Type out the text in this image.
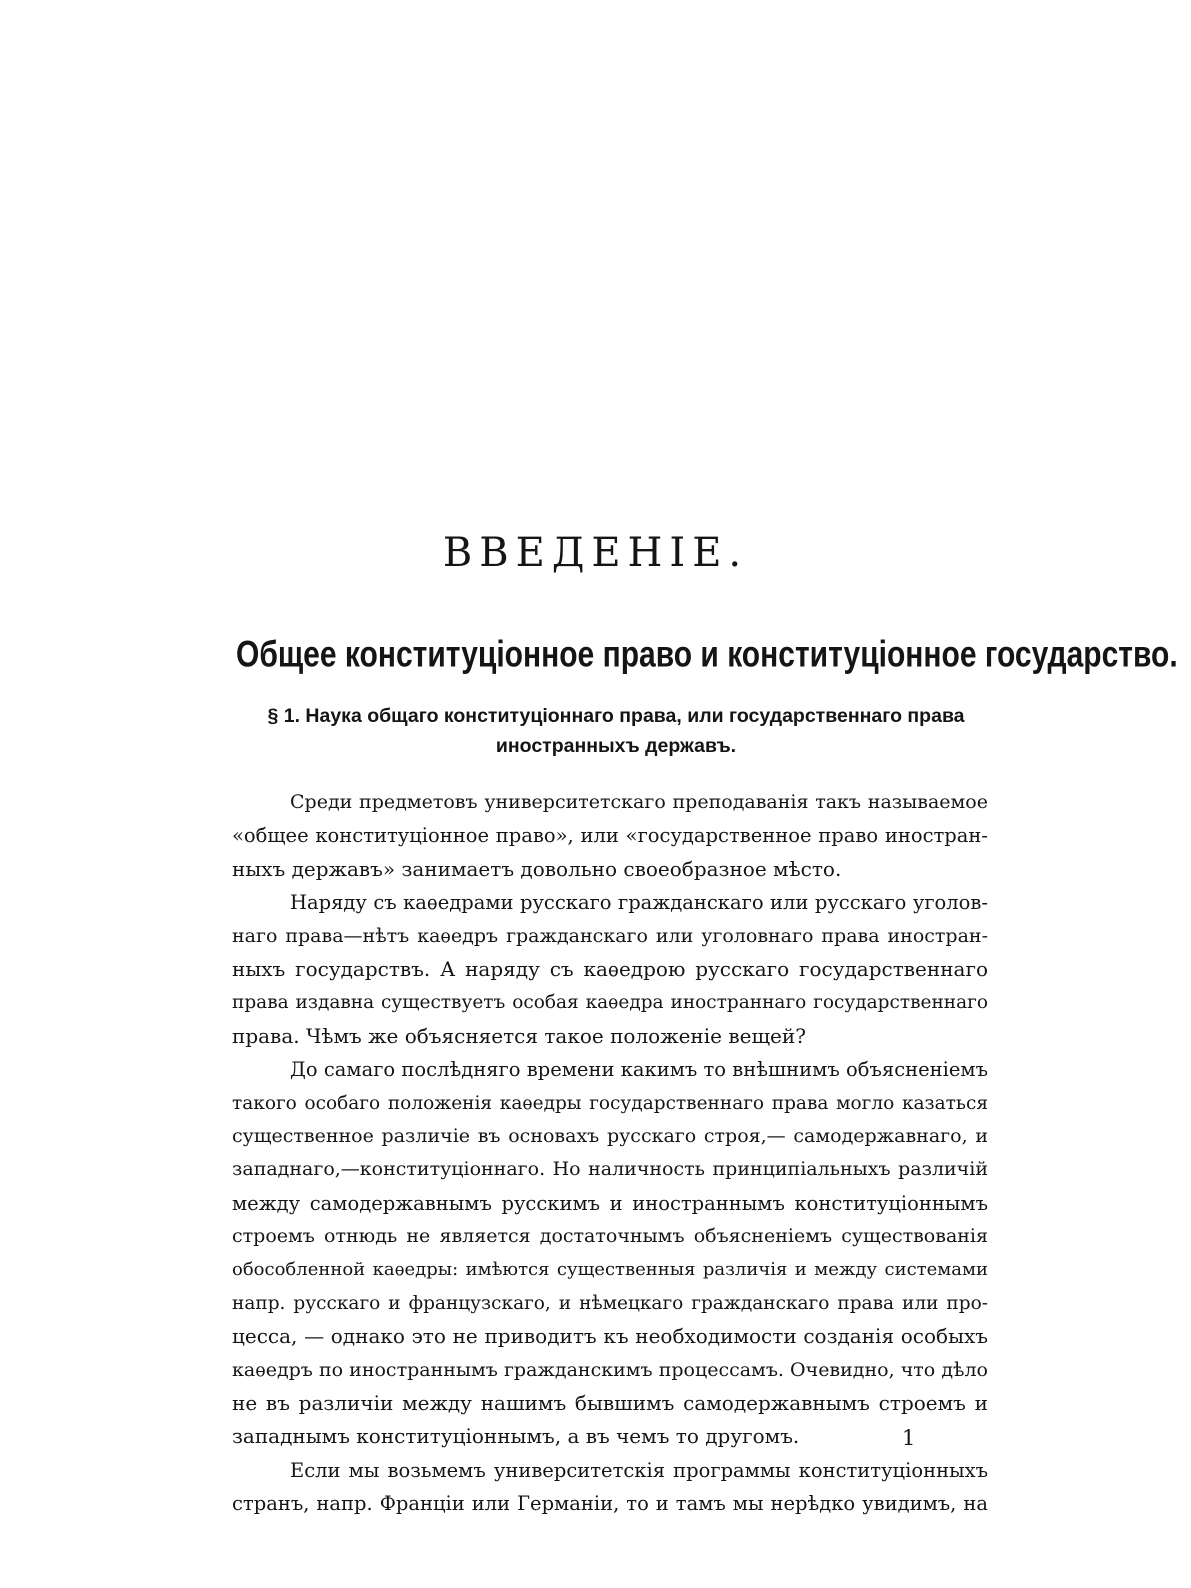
ВВЕДЕНІЕ.
Общее конституціонное право и конституціонное государство.
§ 1. Наука общаго конституціоннаго права, или государственнаго права
иностранныхъ державъ.
Среди предметовъ университетскаго преподаванія такъ называемое
«общее конституціонное право», или «государственное право иностран-
ныхъ державъ» занимаетъ довольно своеобразное мѣсто.
Наряду съ каѳедрами русскаго гражданскаго или русскаго уголов-
наго права—нѣтъ каѳедръ гражданскаго или уголовнаго права иностран-
ныхъ государствъ. А наряду съ каѳедрою русскаго государственнаго
права издавна существуетъ особая каѳедра иностраннаго государственнаго
права. Чѣмъ же объясняется такое положеніе вещей?
До самаго послѣдняго времени какимъ то внѣшнимъ объясненіемъ
такого особаго положенія каѳедры государственнаго права могло казаться
существенное различіе въ основахъ русскаго строя,— самодержавнаго, и
западнаго,—конституціоннаго. Но наличность принципіальныхъ различій
между самодержавнымъ русскимъ и иностраннымъ конституціоннымъ
строемъ отнюдь не является достаточнымъ объясненіемъ существованія
обособленной каѳедры: имѣются существенныя различія и между системами
напр. русскаго и французскаго, и нѣмецкаго гражданскаго права или про-
цесса, — однако это не приводитъ къ необходимости созданія особыхъ
каѳедръ по иностраннымъ гражданскимъ процессамъ. Очевидно, что дѣло
не въ различіи между нашимъ бывшимъ самодержавнымъ строемъ и
западнымъ конституціоннымъ, а въ чемъ то другомъ.
Если мы возьмемъ университетскія программы конституціонныхъ
странъ, напр. Франціи или Германіи, то и тамъ мы нерѣдко увидимъ, на
1
